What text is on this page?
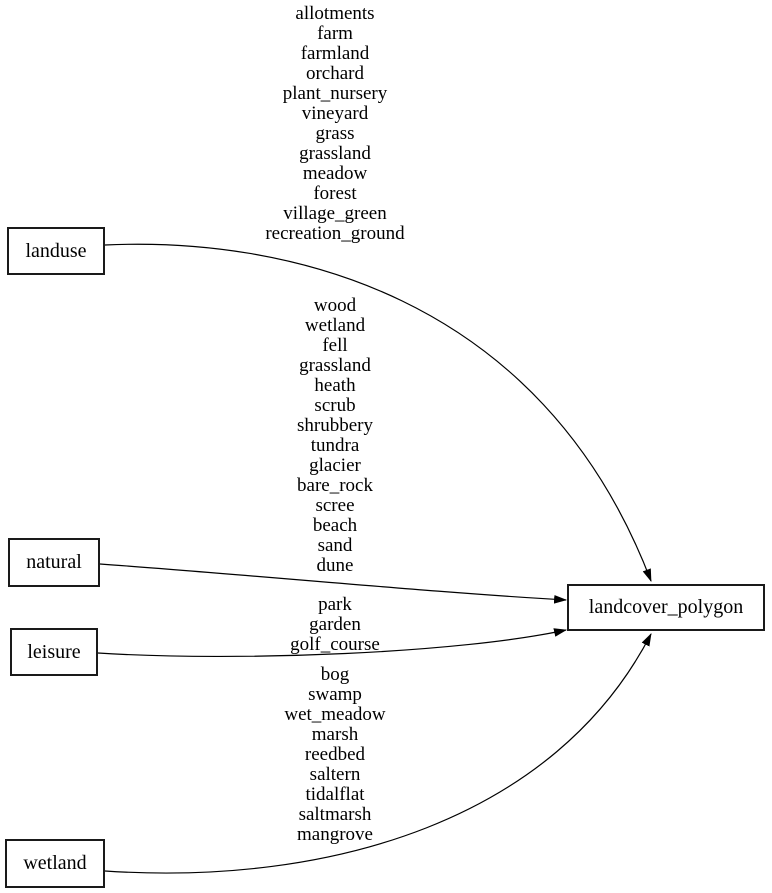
allotments
farm
farmland
orchard
plant_nursery
vineyard
grass
grassland
meadow
forest
village_green
recreation_ground
wood
wetland
fell
grassland
heath
scrub
shrubbery
tundra
glacier
bare_rock
scree
beach
sand
dune
park
garden
golf_course
bog
swamp
wet_meadow
marsh
reedbed
saltern
tidalflat
saltmarsh
mangrove
landuse
natural
leisure
wetland
landcover_polygon
